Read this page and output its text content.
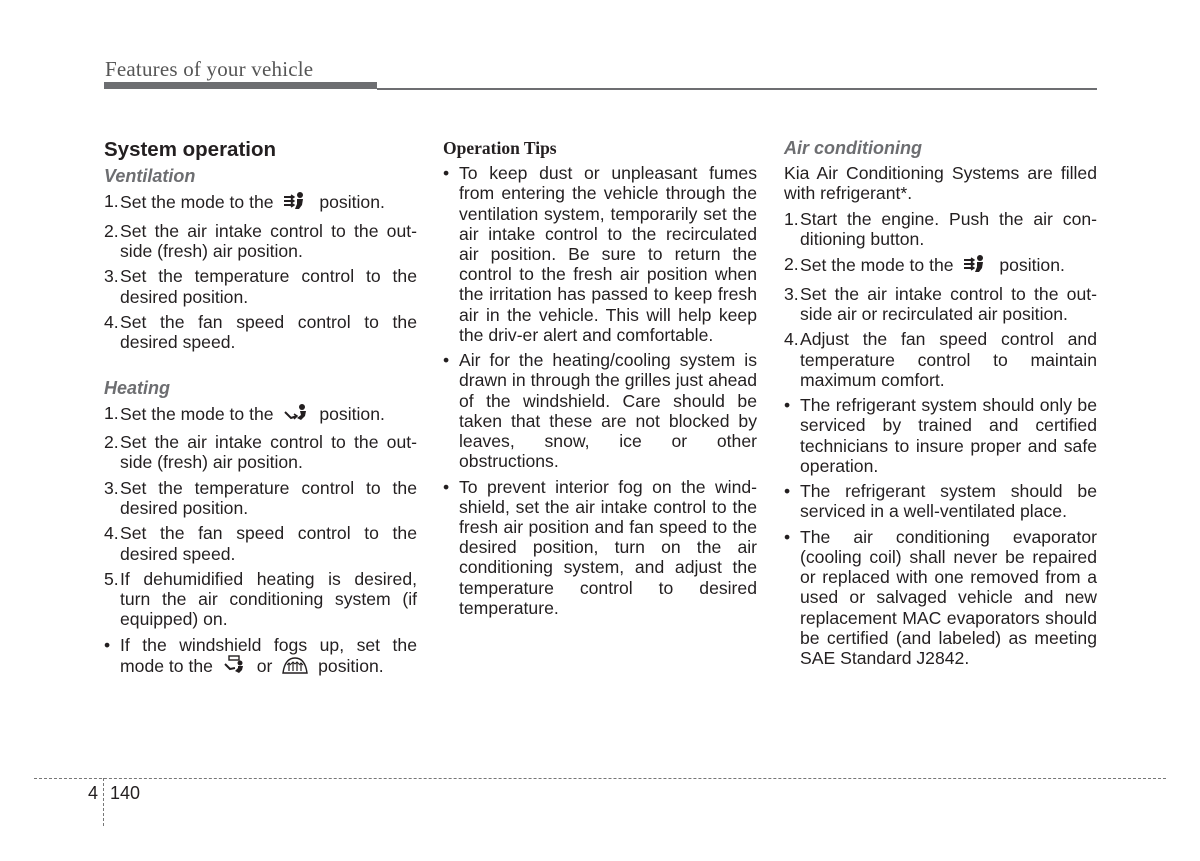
Features of your vehicle
System operation
Ventilation
1. Set the mode to the	position.
2. Set the air intake control to the out-side (fresh) air position.
3. Set the temperature control to the desired position.
4. Set the fan speed control to the desired speed.
Heating
1. Set the mode to the	position.
2. Set the air intake control to the out-side (fresh) air position.
3. Set the temperature control to the desired position.
4. Set the fan speed control to the desired speed.
5. If dehumidified heating is desired, turn the air conditioning system (if equipped) on.
• If the windshield fogs up, set the mode to the or	position.
Operation Tips
• To keep dust or unpleasant fumes from entering the vehicle through the ventilation system, temporarily set the air intake control to the recirculated air position. Be sure to return the control to the fresh air position when the irritation has passed to keep fresh air in the vehicle. This will help keep the driv-er alert and comfortable.
• Air for the heating/cooling system is drawn in through the grilles just ahead of the windshield. Care should be taken that these are not blocked by leaves, snow, ice or other obstructions.
• To prevent interior fog on the wind-shield, set the air intake control to the fresh air position and fan speed to the desired position, turn on the air conditioning system, and adjust the temperature control to desired temperature.
Air conditioning
Kia Air Conditioning Systems are filled with refrigerant*.
1. Start the engine. Push the air con-ditioning button.
2. Set the mode to the	position.
3. Set the air intake control to the out-side air or recirculated air position.
4. Adjust the fan speed control and temperature control to maintain maximum comfort.
• The refrigerant system should only be serviced by trained and certified technicians to insure proper and safe operation.
• The refrigerant system should be serviced in a well-ventilated place.
• The air conditioning evaporator (cooling coil) shall never be repaired or replaced with one removed from a used or salvaged vehicle and new replacement MAC evaporators should be certified (and labeled) as meeting SAE Standard J2842.
4 140
